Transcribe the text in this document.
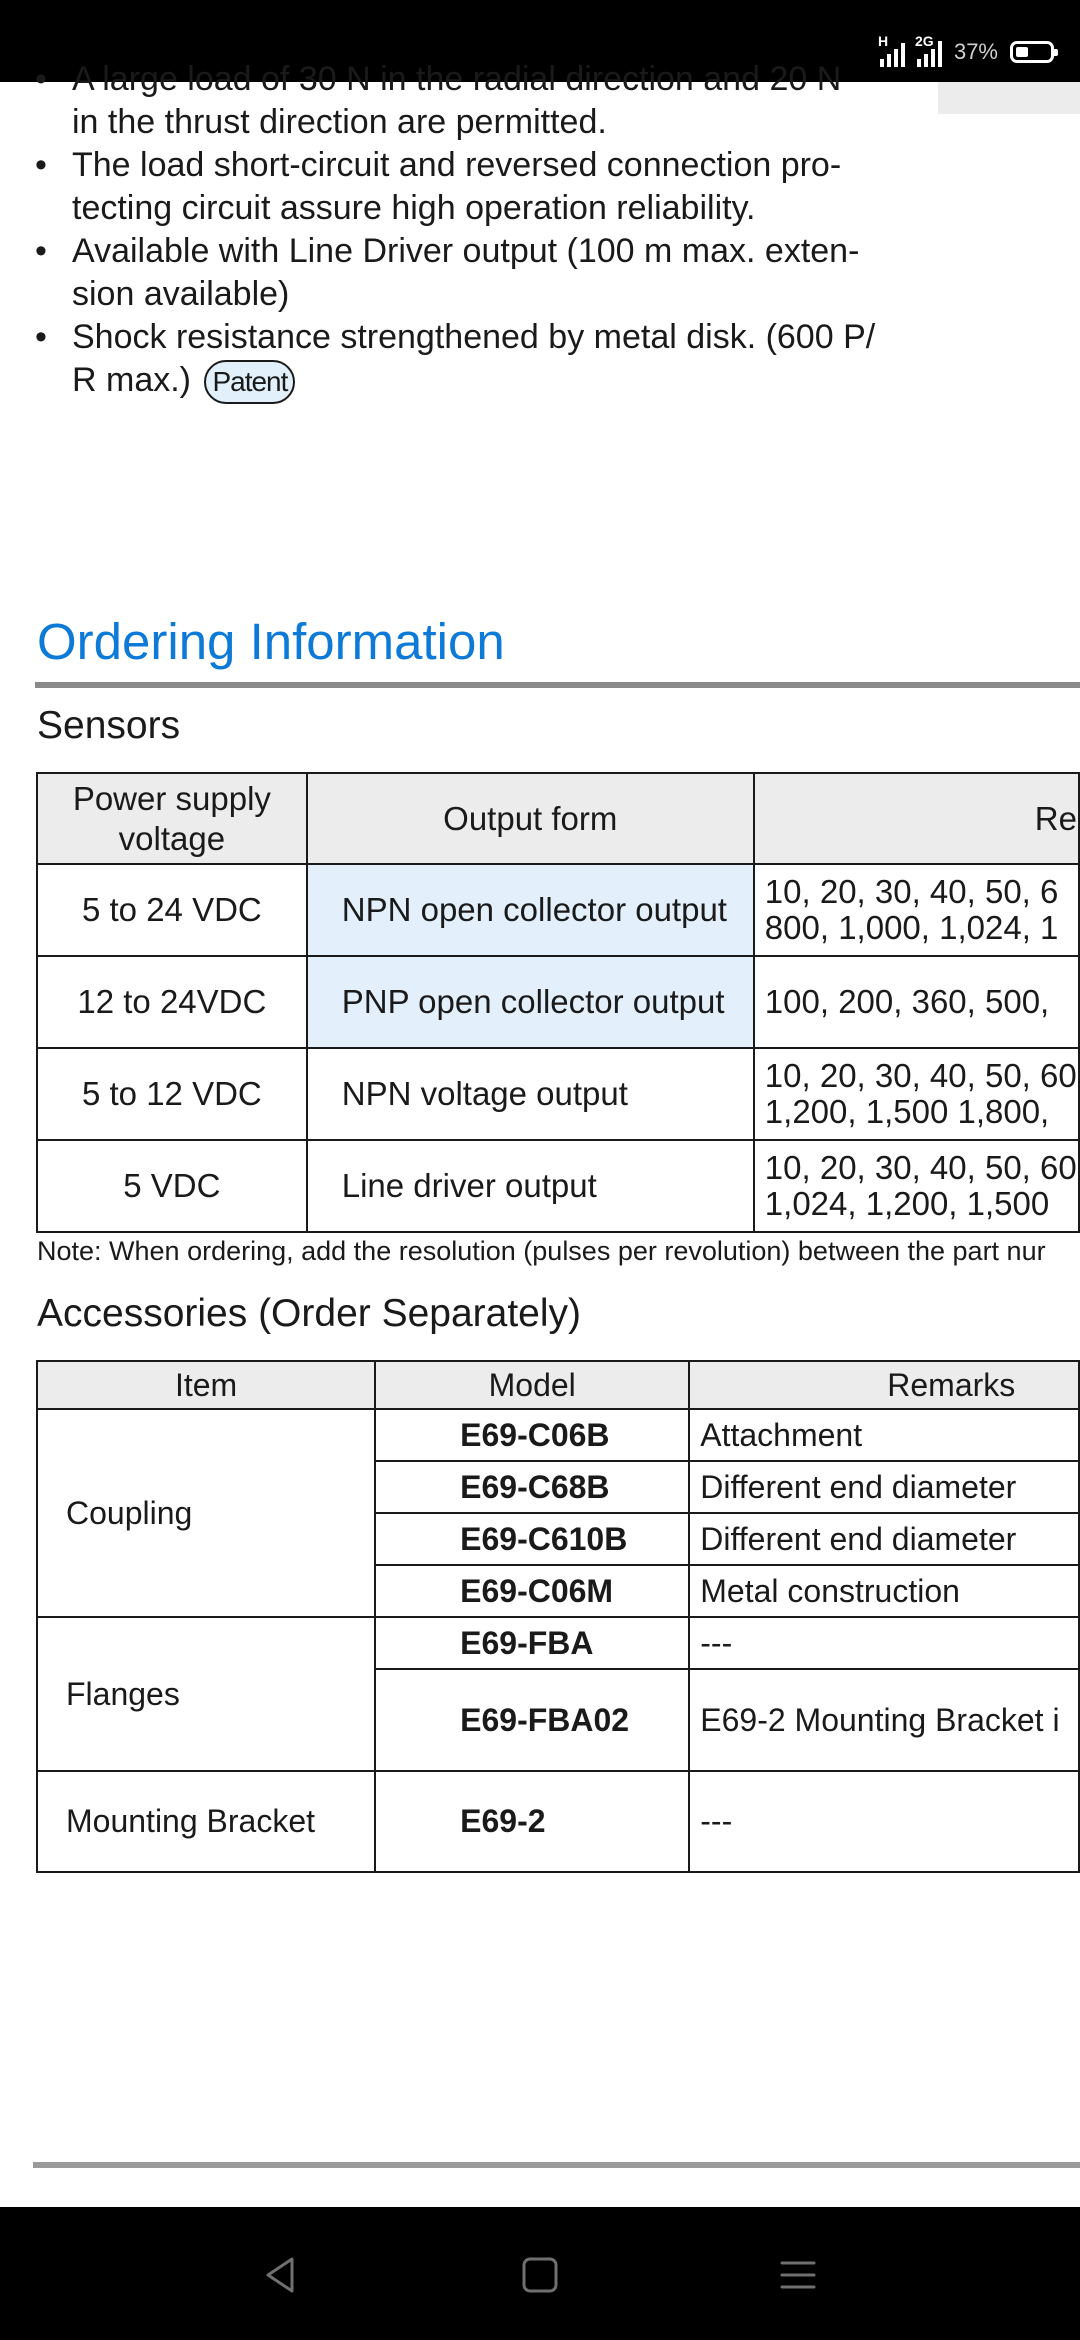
H 2G 37%

• A large load of 30 N in the radial direction and 20 N
in the thrust direction are permitted.

• The load short-circuit and reversed connection pro-
tecting circuit assure high operation reliability.

• Available with Line Driver output (100 m max. exten-
sion available)

• Shock resistance strengthened by metal disk. (600 P/
R max.) Patent

Ordering Information
Sensors
Power supply voltage	Output form	Re
5 to 24 VDC	NPN open collector output	10, 20, 30, 40, 50, 6
800, 1,000, 1,024, 1
12 to 24VDC	PNP open collector output	100, 200, 360, 500,
5 to 12 VDC	NPN voltage output	10, 20, 30, 40, 50, 60
1,200, 1,500 1,800,
5 VDC	Line driver output	10, 20, 30, 40, 50, 60
1,024, 1,200, 1,500
Note: When ordering, add the resolution (pulses per revolution) between the part nur
Accessories (Order Separately)
Item	Model	Remarks
Coupling	E69-C06B	Attachment
	E69-C68B	Different end diameter
	E69-C610B	Different end diameter
	E69-C06M	Metal construction
Flanges	E69-FBA	---
	E69-FBA02	E69-2 Mounting Bracket i
Mounting Bracket	E69-2	---
